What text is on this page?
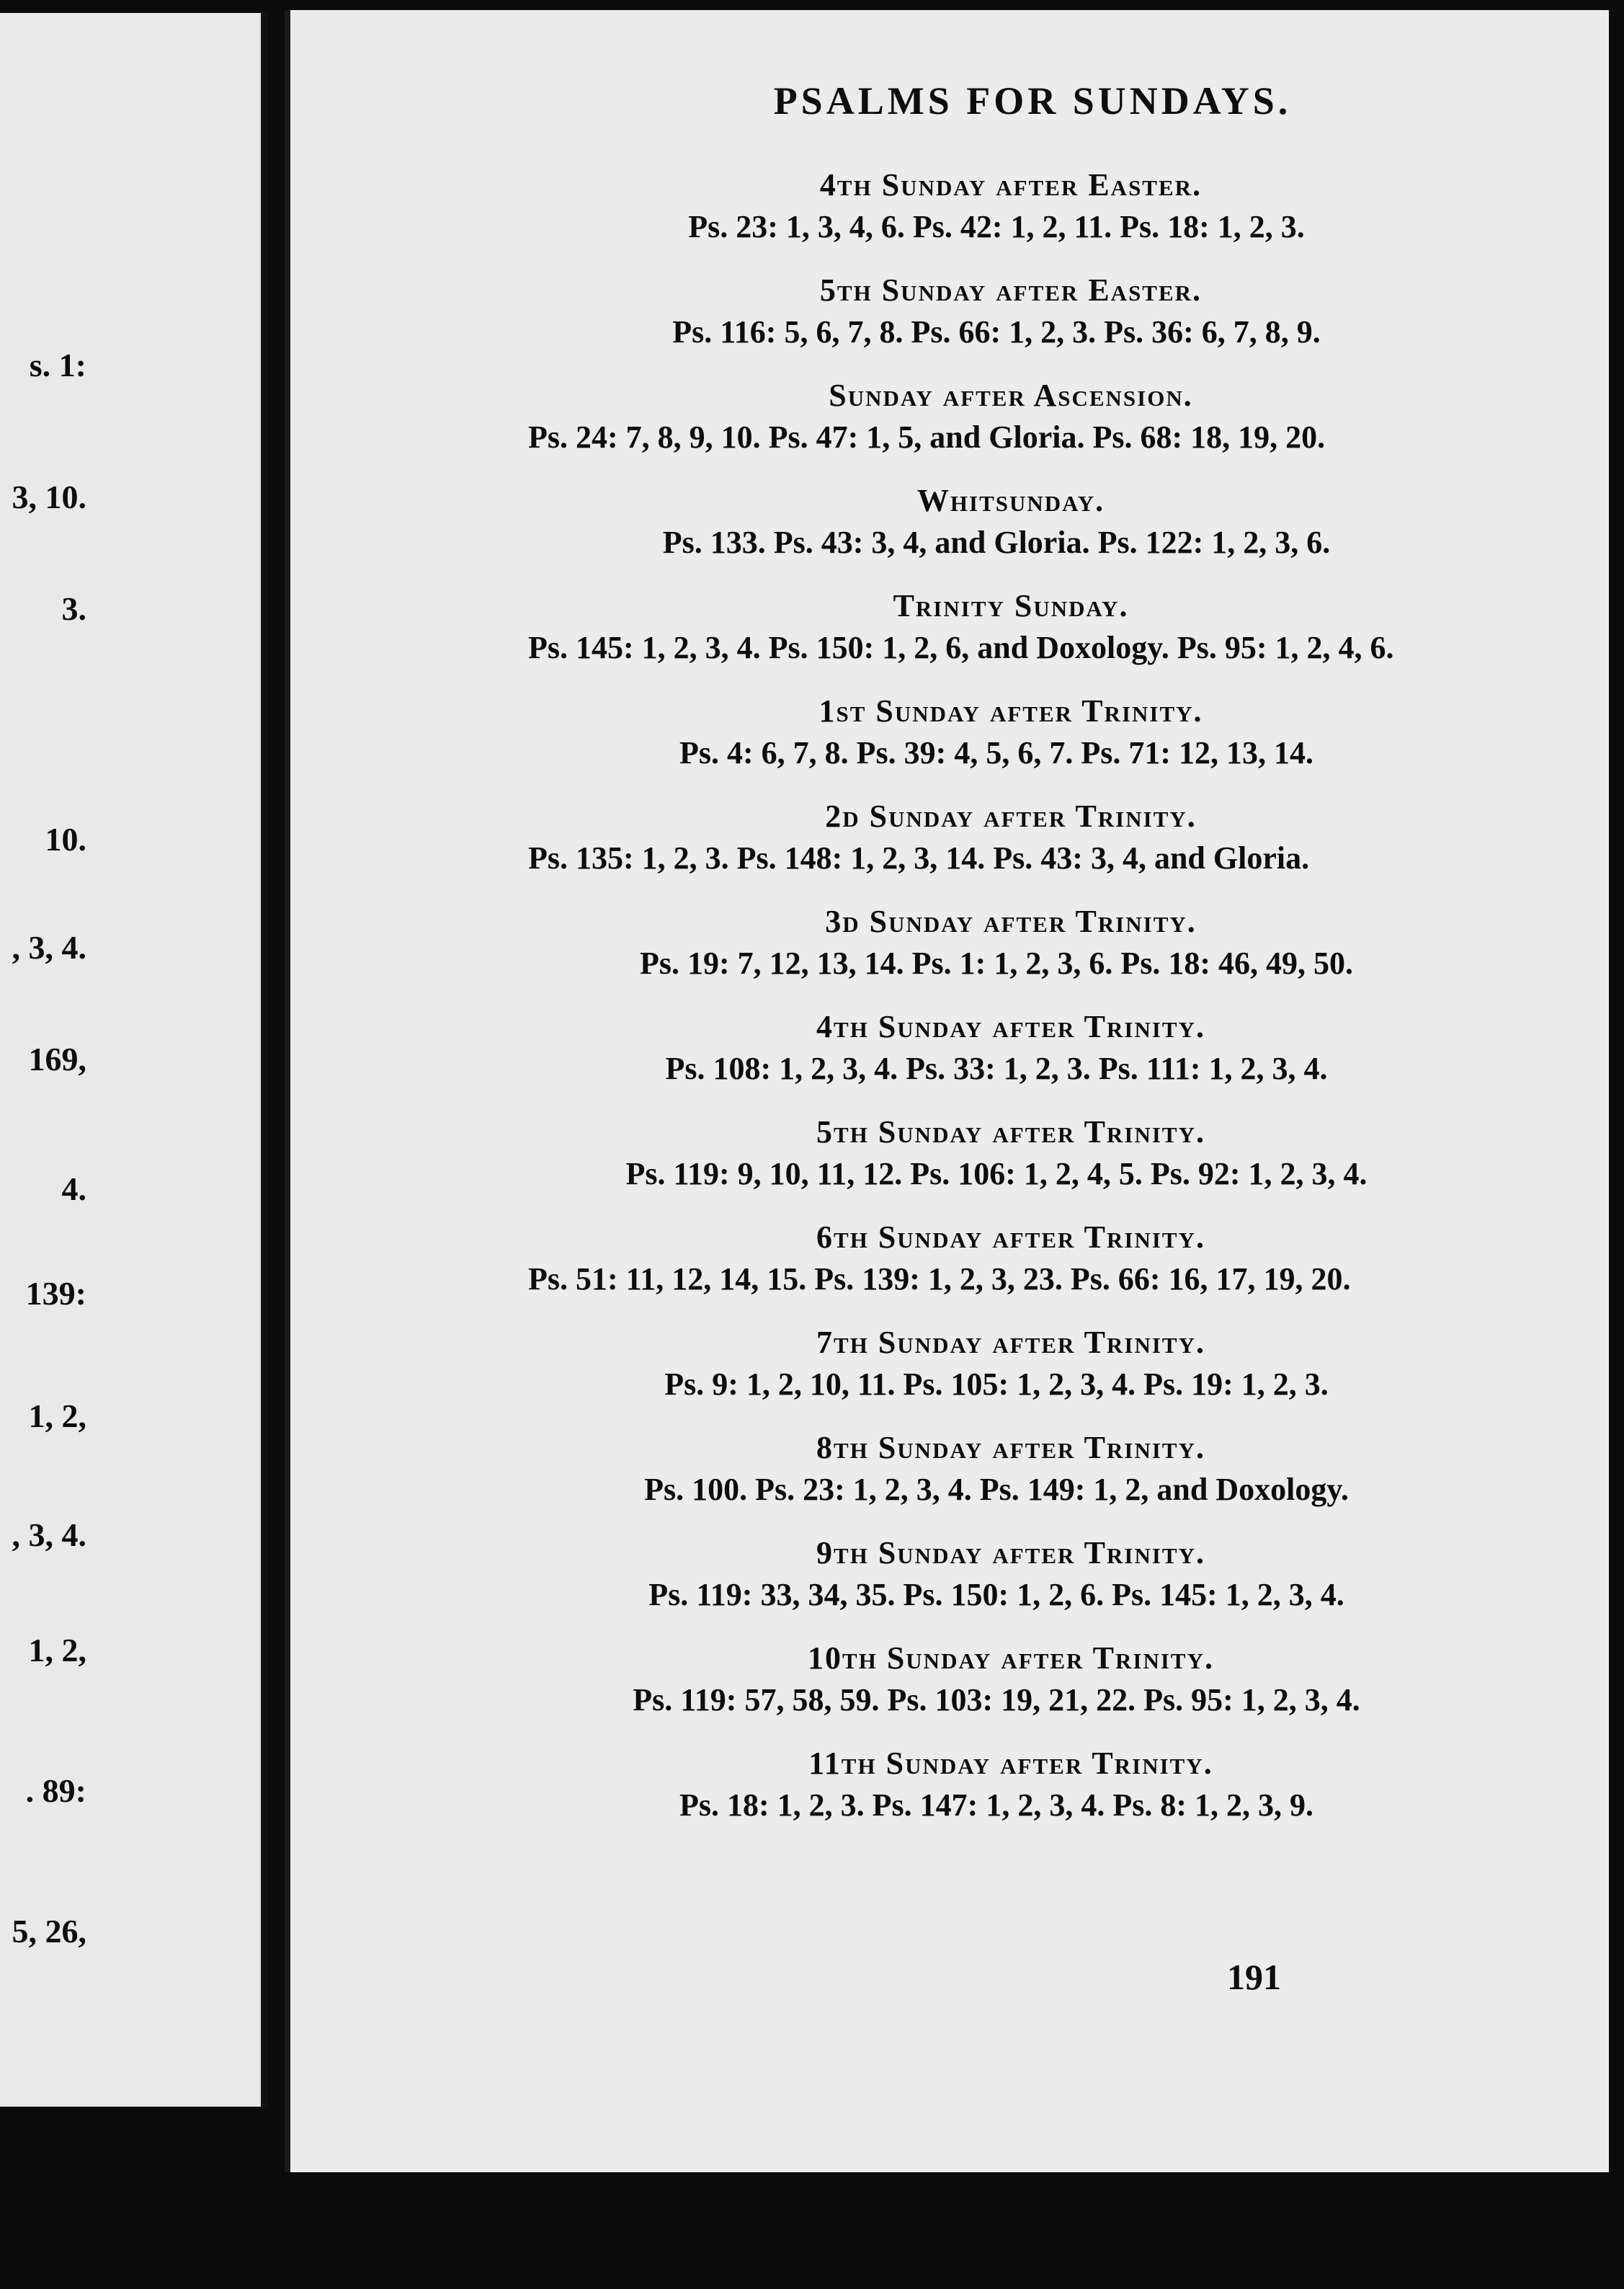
s. 1:
3, 10.
3.
10.
, 3, 4.
169,
4.
139:
1, 2,
, 3, 4.
1, 2,
. 89:
5, 26,
PSALMS FOR SUNDAYS.
4th Sunday after Easter.
Ps. 23: 1, 3, 4, 6. Ps. 42: 1, 2, 11. Ps. 18: 1, 2, 3.
5th Sunday after Easter.
Ps. 116: 5, 6, 7, 8. Ps. 66: 1, 2, 3. Ps. 36: 6, 7, 8, 9.
Sunday after Ascension.
Ps. 24: 7, 8, 9, 10. Ps. 47: 1, 5, and Gloria. Ps. 68: 18, 19, 20.
Whitsunday.
Ps. 133. Ps. 43: 3, 4, and Gloria. Ps. 122: 1, 2, 3, 6.
Trinity Sunday.
Ps. 145: 1, 2, 3, 4. Ps. 150: 1, 2, 6, and Doxology. Ps. 95: 1, 2, 4, 6.
1st Sunday after Trinity.
Ps. 4: 6, 7, 8. Ps. 39: 4, 5, 6, 7. Ps. 71: 12, 13, 14.
2d Sunday after Trinity.
Ps. 135: 1, 2, 3. Ps. 148: 1, 2, 3, 14. Ps. 43: 3, 4, and Gloria.
3d Sunday after Trinity.
Ps. 19: 7, 12, 13, 14. Ps. 1: 1, 2, 3, 6. Ps. 18: 46, 49, 50.
4th Sunday after Trinity.
Ps. 108: 1, 2, 3, 4. Ps. 33: 1, 2, 3. Ps. 111: 1, 2, 3, 4.
5th Sunday after Trinity.
Ps. 119: 9, 10, 11, 12. Ps. 106: 1, 2, 4, 5. Ps. 92: 1, 2, 3, 4.
6th Sunday after Trinity.
Ps. 51: 11, 12, 14, 15. Ps. 139: 1, 2, 3, 23. Ps. 66: 16, 17, 19, 20.
7th Sunday after Trinity.
Ps. 9: 1, 2, 10, 11. Ps. 105: 1, 2, 3, 4. Ps. 19: 1, 2, 3.
8th Sunday after Trinity.
Ps. 100. Ps. 23: 1, 2, 3, 4. Ps. 149: 1, 2, and Doxology.
9th Sunday after Trinity.
Ps. 119: 33, 34, 35. Ps. 150: 1, 2, 6. Ps. 145: 1, 2, 3, 4.
10th Sunday after Trinity.
Ps. 119: 57, 58, 59. Ps. 103: 19, 21, 22. Ps. 95: 1, 2, 3, 4.
11th Sunday after Trinity.
Ps. 18: 1, 2, 3. Ps. 147: 1, 2, 3, 4. Ps. 8: 1, 2, 3, 9.
191
